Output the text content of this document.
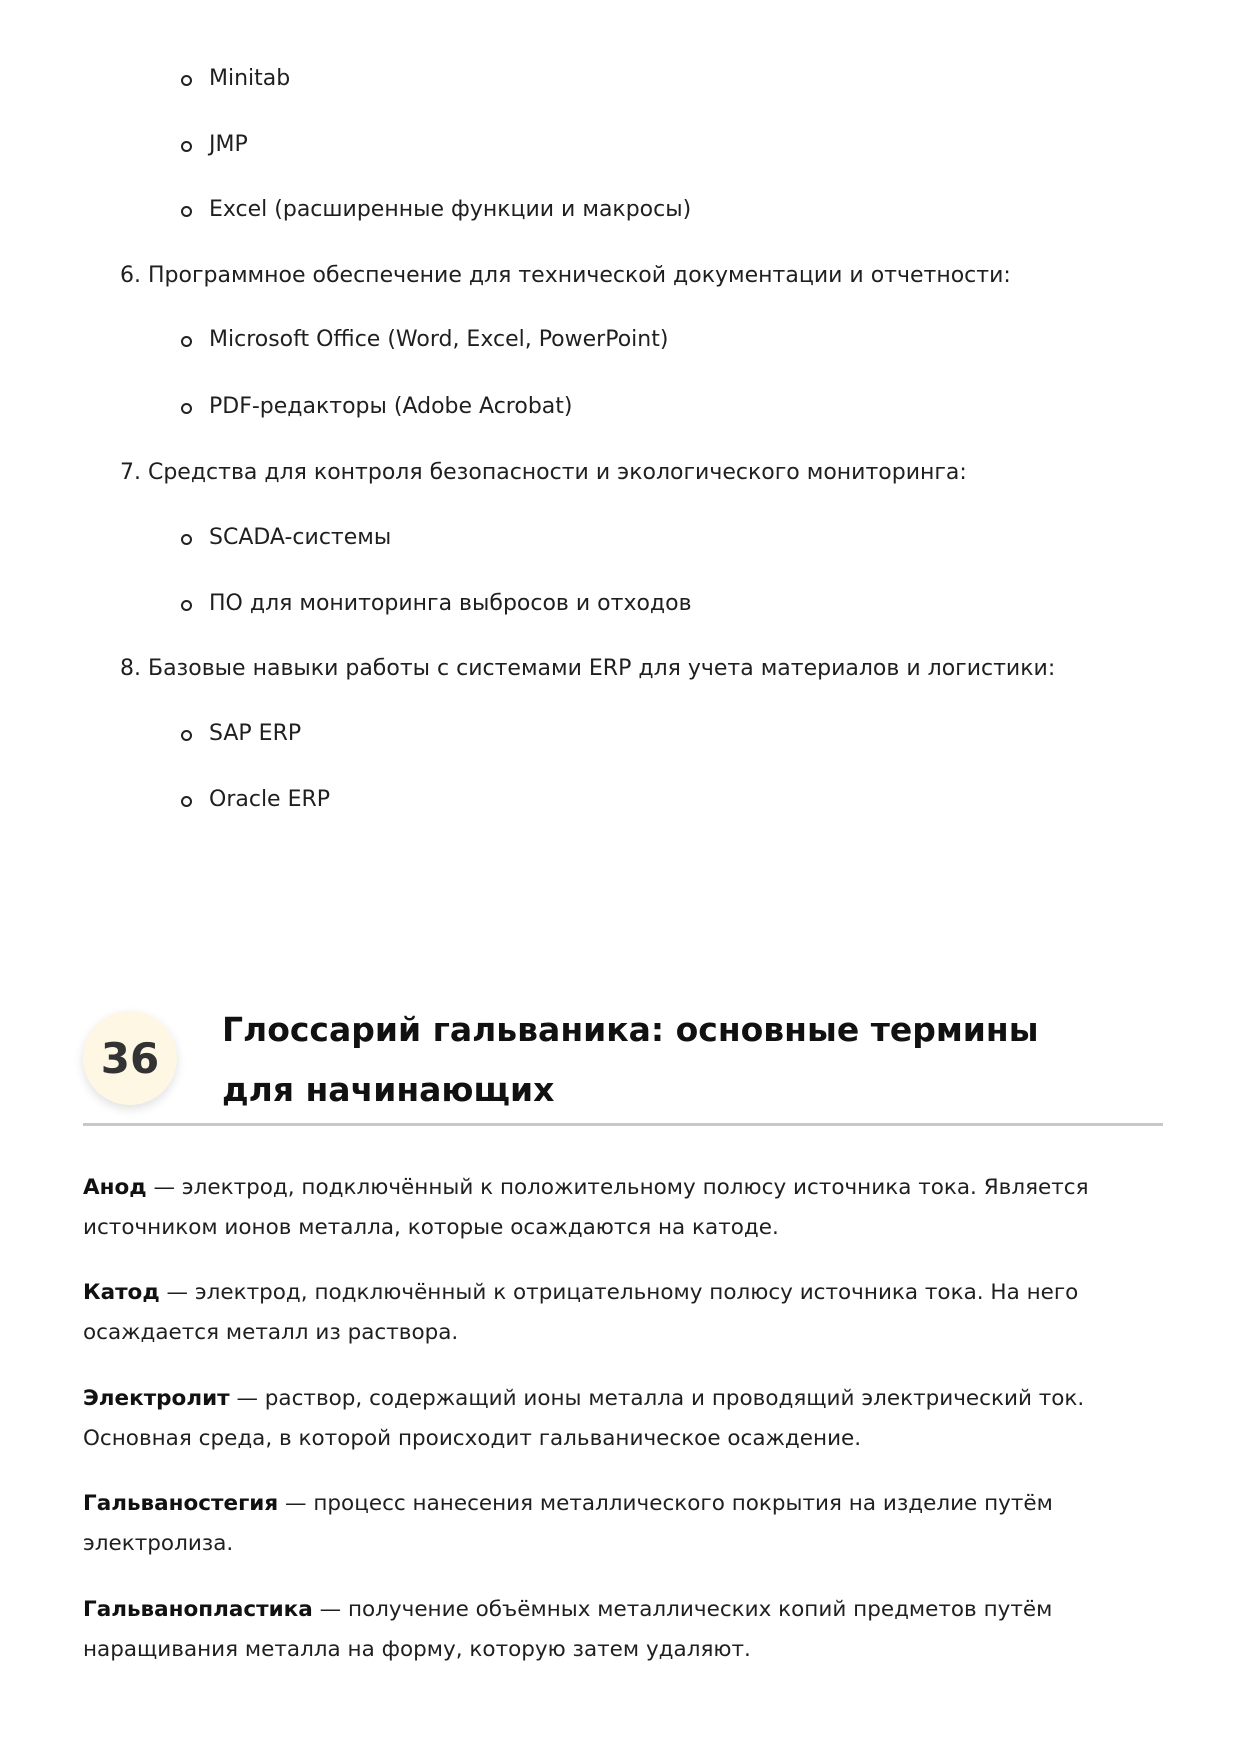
Minitab
JMP
Excel (расширенные функции и макросы)
6. Программное обеспечение для технической документации и отчетности:
Microsoft Office (Word, Excel, PowerPoint)
PDF-редакторы (Adobe Acrobat)
7. Средства для контроля безопасности и экологического мониторинга:
SCADA-системы
ПО для мониторинга выбросов и отходов
8. Базовые навыки работы с системами ERP для учета материалов и логистики:
SAP ERP
Oracle ERP
36
Глоссарий гальваника: основные термины для начинающих
Анод — электрод, подключённый к положительному полюсу источника тока. Является источником ионов металла, которые осаждаются на катоде.
Катод — электрод, подключённый к отрицательному полюсу источника тока. На него осаждается металл из раствора.
Электролит — раствор, содержащий ионы металла и проводящий электрический ток. Основная среда, в которой происходит гальваническое осаждение.
Гальваностегия — процесс нанесения металлического покрытия на изделие путём электролиза.
Гальванопластика — получение объёмных металлических копий предметов путём наращивания металла на форму, которую затем удаляют.
